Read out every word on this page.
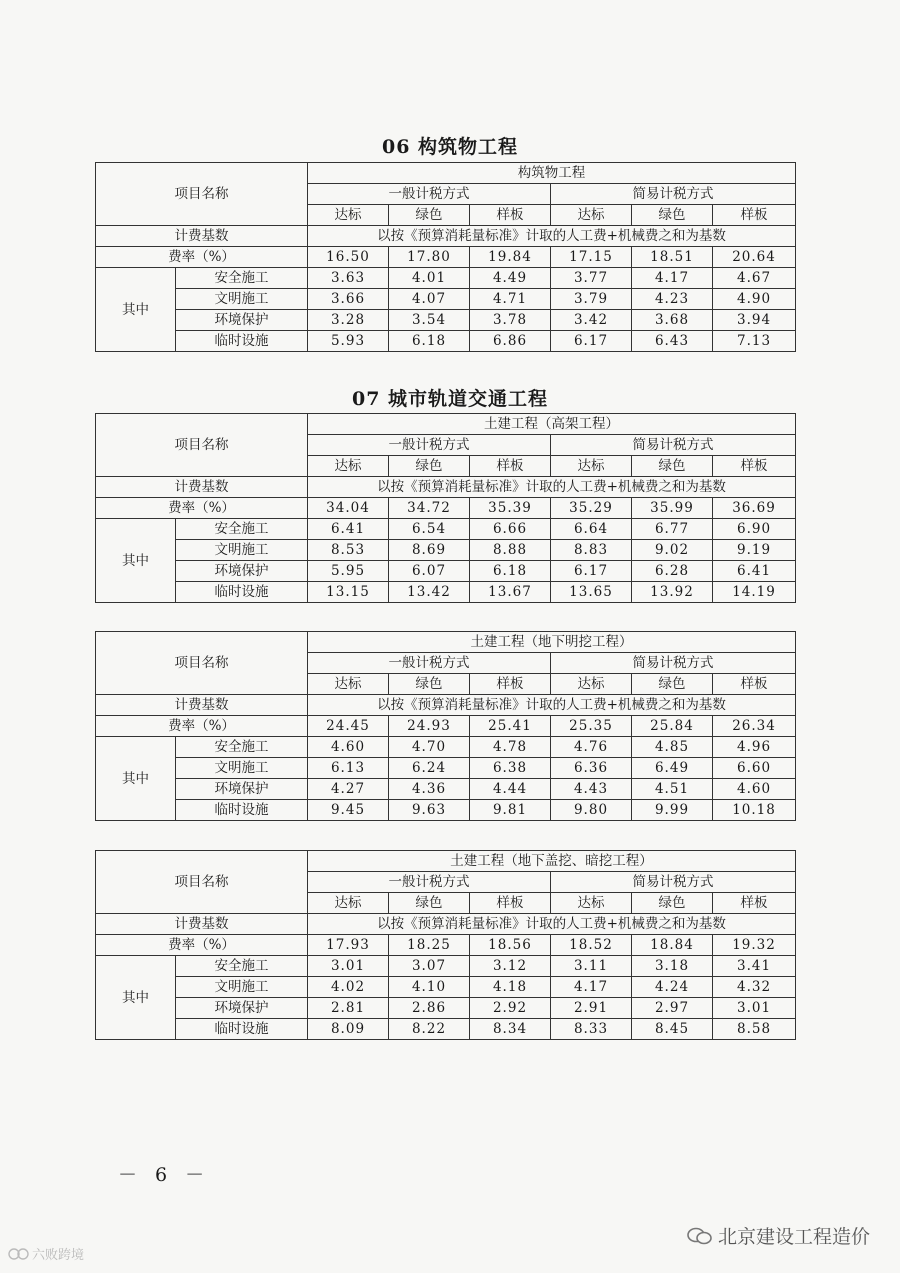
06 构筑物工程
项目名称		构筑物工程					
		一般计税方式			简易计税方式		
		达标	绿色	样板	达标	绿色	样板
计费基数		以按《预算消耗量标准》计取的人工费+机械费之和为基数					
费率（%）		16.50	17.80	19.84	17.15	18.51	20.64
其中	安全施工	3.63	4.01	4.49	3.77	4.17	4.67
	文明施工	3.66	4.07	4.71	3.79	4.23	4.90
	环境保护	3.28	3.54	3.78	3.42	3.68	3.94
	临时设施	5.93	6.18	6.86	6.17	6.43	7.13
07 城市轨道交通工程
项目名称		土建工程（高架工程）					
		一般计税方式			简易计税方式		
		达标	绿色	样板	达标	绿色	样板
计费基数		以按《预算消耗量标准》计取的人工费+机械费之和为基数					
费率（%）		34.04	34.72	35.39	35.29	35.99	36.69
其中	安全施工	6.41	6.54	6.66	6.64	6.77	6.90
	文明施工	8.53	8.69	8.88	8.83	9.02	9.19
	环境保护	5.95	6.07	6.18	6.17	6.28	6.41
	临时设施	13.15	13.42	13.67	13.65	13.92	14.19
项目名称		土建工程（地下明挖工程）					
		一般计税方式			简易计税方式		
		达标	绿色	样板	达标	绿色	样板
计费基数		以按《预算消耗量标准》计取的人工费+机械费之和为基数					
费率（%）		24.45	24.93	25.41	25.35	25.84	26.34
其中	安全施工	4.60	4.70	4.78	4.76	4.85	4.96
	文明施工	6.13	6.24	6.38	6.36	6.49	6.60
	环境保护	4.27	4.36	4.44	4.43	4.51	4.60
	临时设施	9.45	9.63	9.81	9.80	9.99	10.18
项目名称		土建工程（地下盖挖、暗挖工程）					
		一般计税方式			简易计税方式		
		达标	绿色	样板	达标	绿色	样板
计费基数		以按《预算消耗量标准》计取的人工费+机械费之和为基数					
费率（%）		17.93	18.25	18.56	18.52	18.84	19.32
其中	安全施工	3.01	3.07	3.12	3.11	3.18	3.41
	文明施工	4.02	4.10	4.18	4.17	4.24	4.32
	环境保护	2.81	2.86	2.92	2.91	2.97	3.01
	临时设施	8.09	8.22	8.34	8.33	8.45	8.58
－ 6 －
北京建设工程造价
六败跨境
